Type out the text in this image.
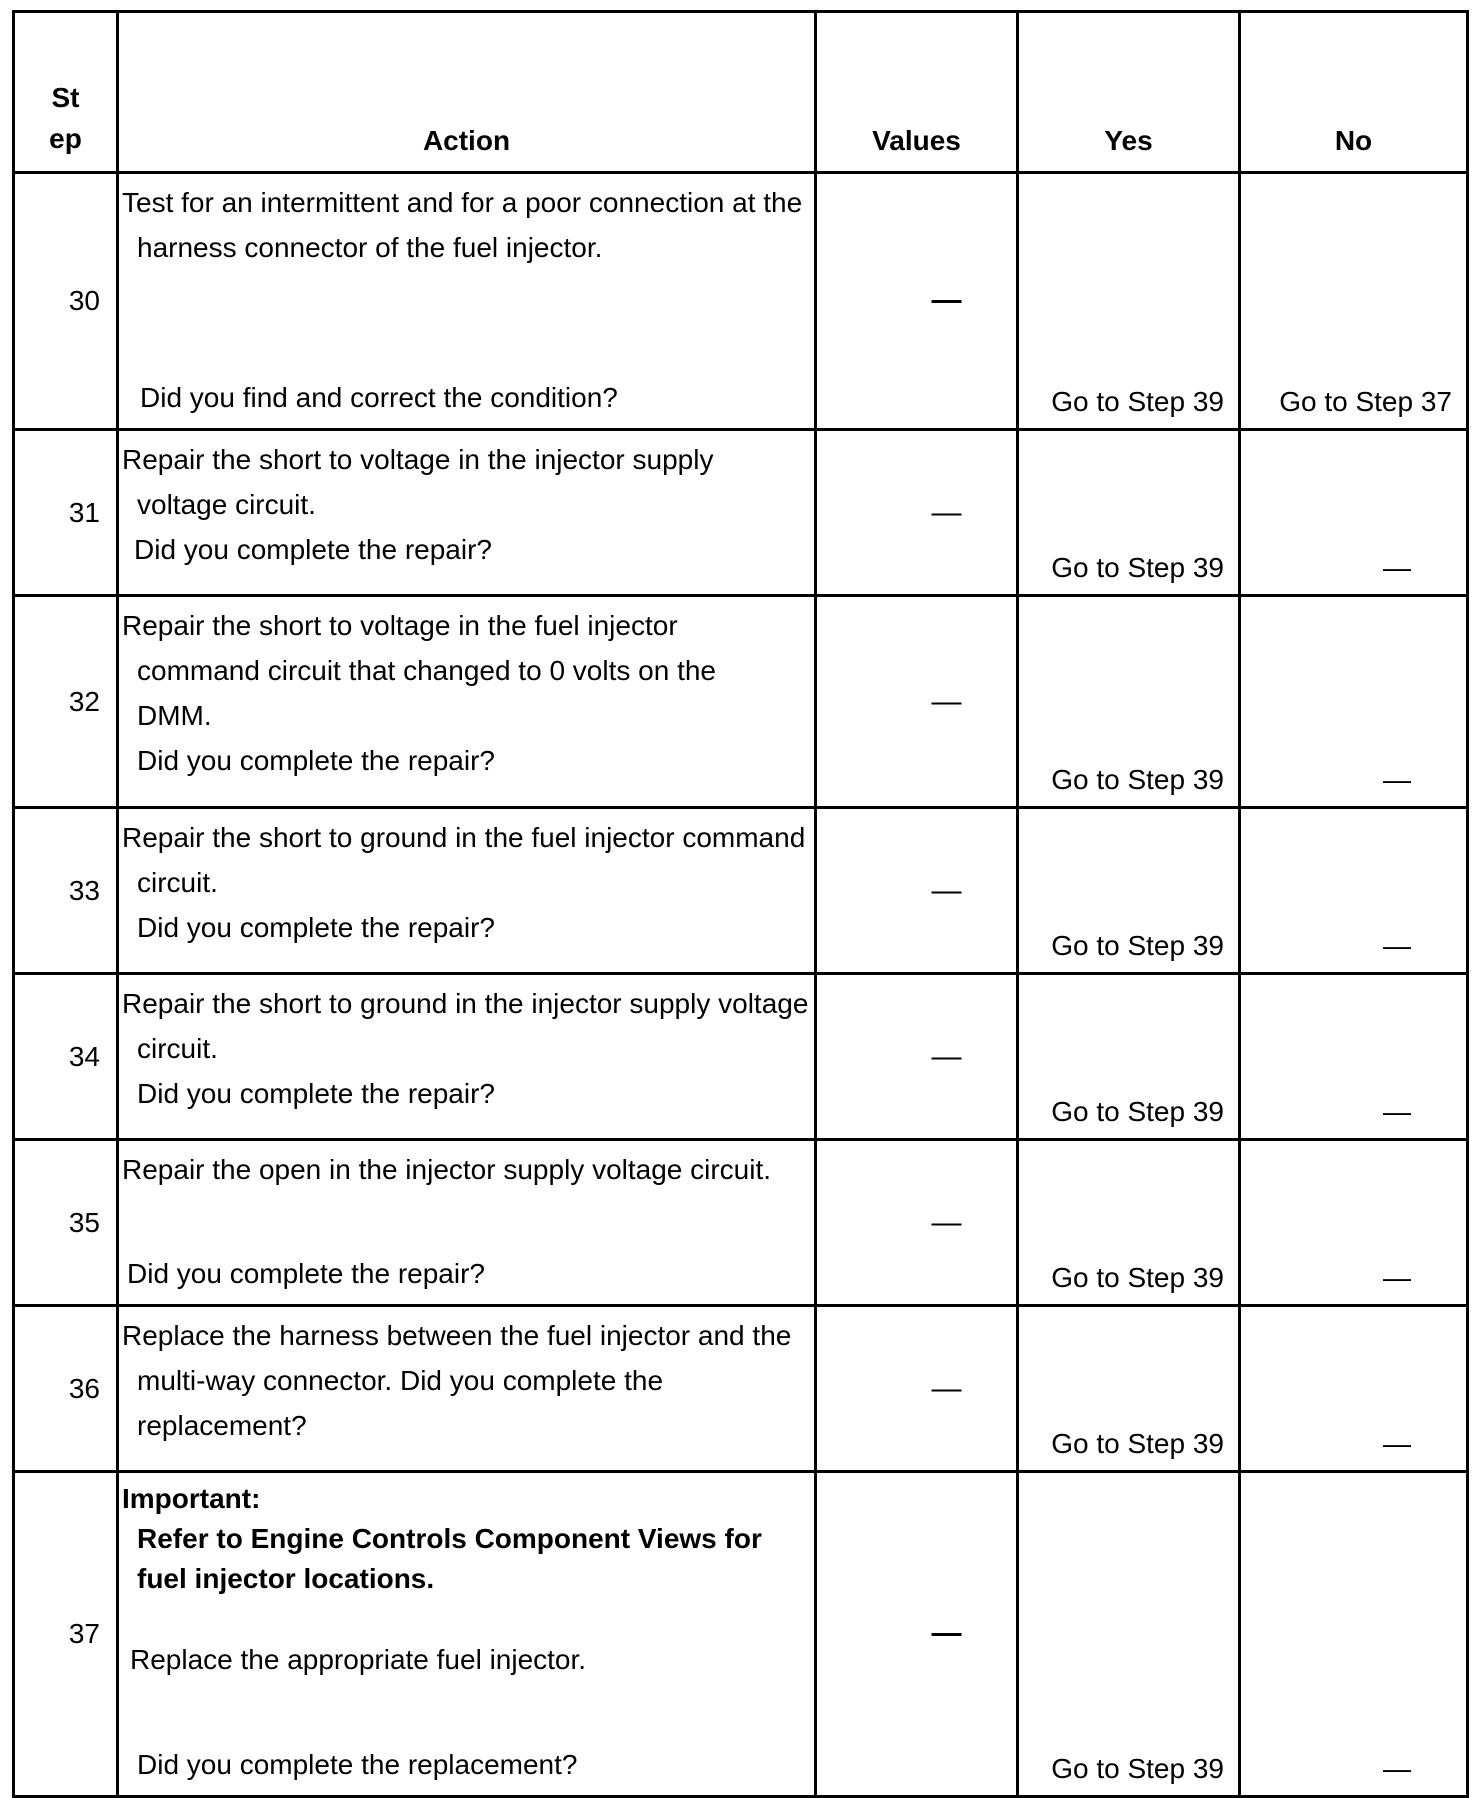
St
ep	Action	Values	Yes	No
30	Test for an intermittent and for a poor connection at the
harness connector of the fuel injector.
Did you find and correct the condition?	—	Go to Step 39	Go to Step 37

31	Repair the short to voltage in the injector supply
voltage circuit.
Did you complete the repair?	—	Go to Step 39	—

32	Repair the short to voltage in the fuel injector
command circuit that changed to 0 volts on the
DMM.
Did you complete the repair?	—	Go to Step 39	—

33	Repair the short to ground in the fuel injector command
circuit.
Did you complete the repair?	—	Go to Step 39	—

34	Repair the short to ground in the injector supply voltage
circuit.
Did you complete the repair?	—	Go to Step 39	—

35	Repair the open in the injector supply voltage circuit.
Did you complete the repair?	—	Go to Step 39	—

36	Replace the harness between the fuel injector and the
multi-way connector. Did you complete the
replacement?	—	Go to Step 39	—

37	Important:
Refer to Engine Controls Component Views for
fuel injector locations.
Replace the appropriate fuel injector.
Did you complete the replacement?	—	Go to Step 39	—
